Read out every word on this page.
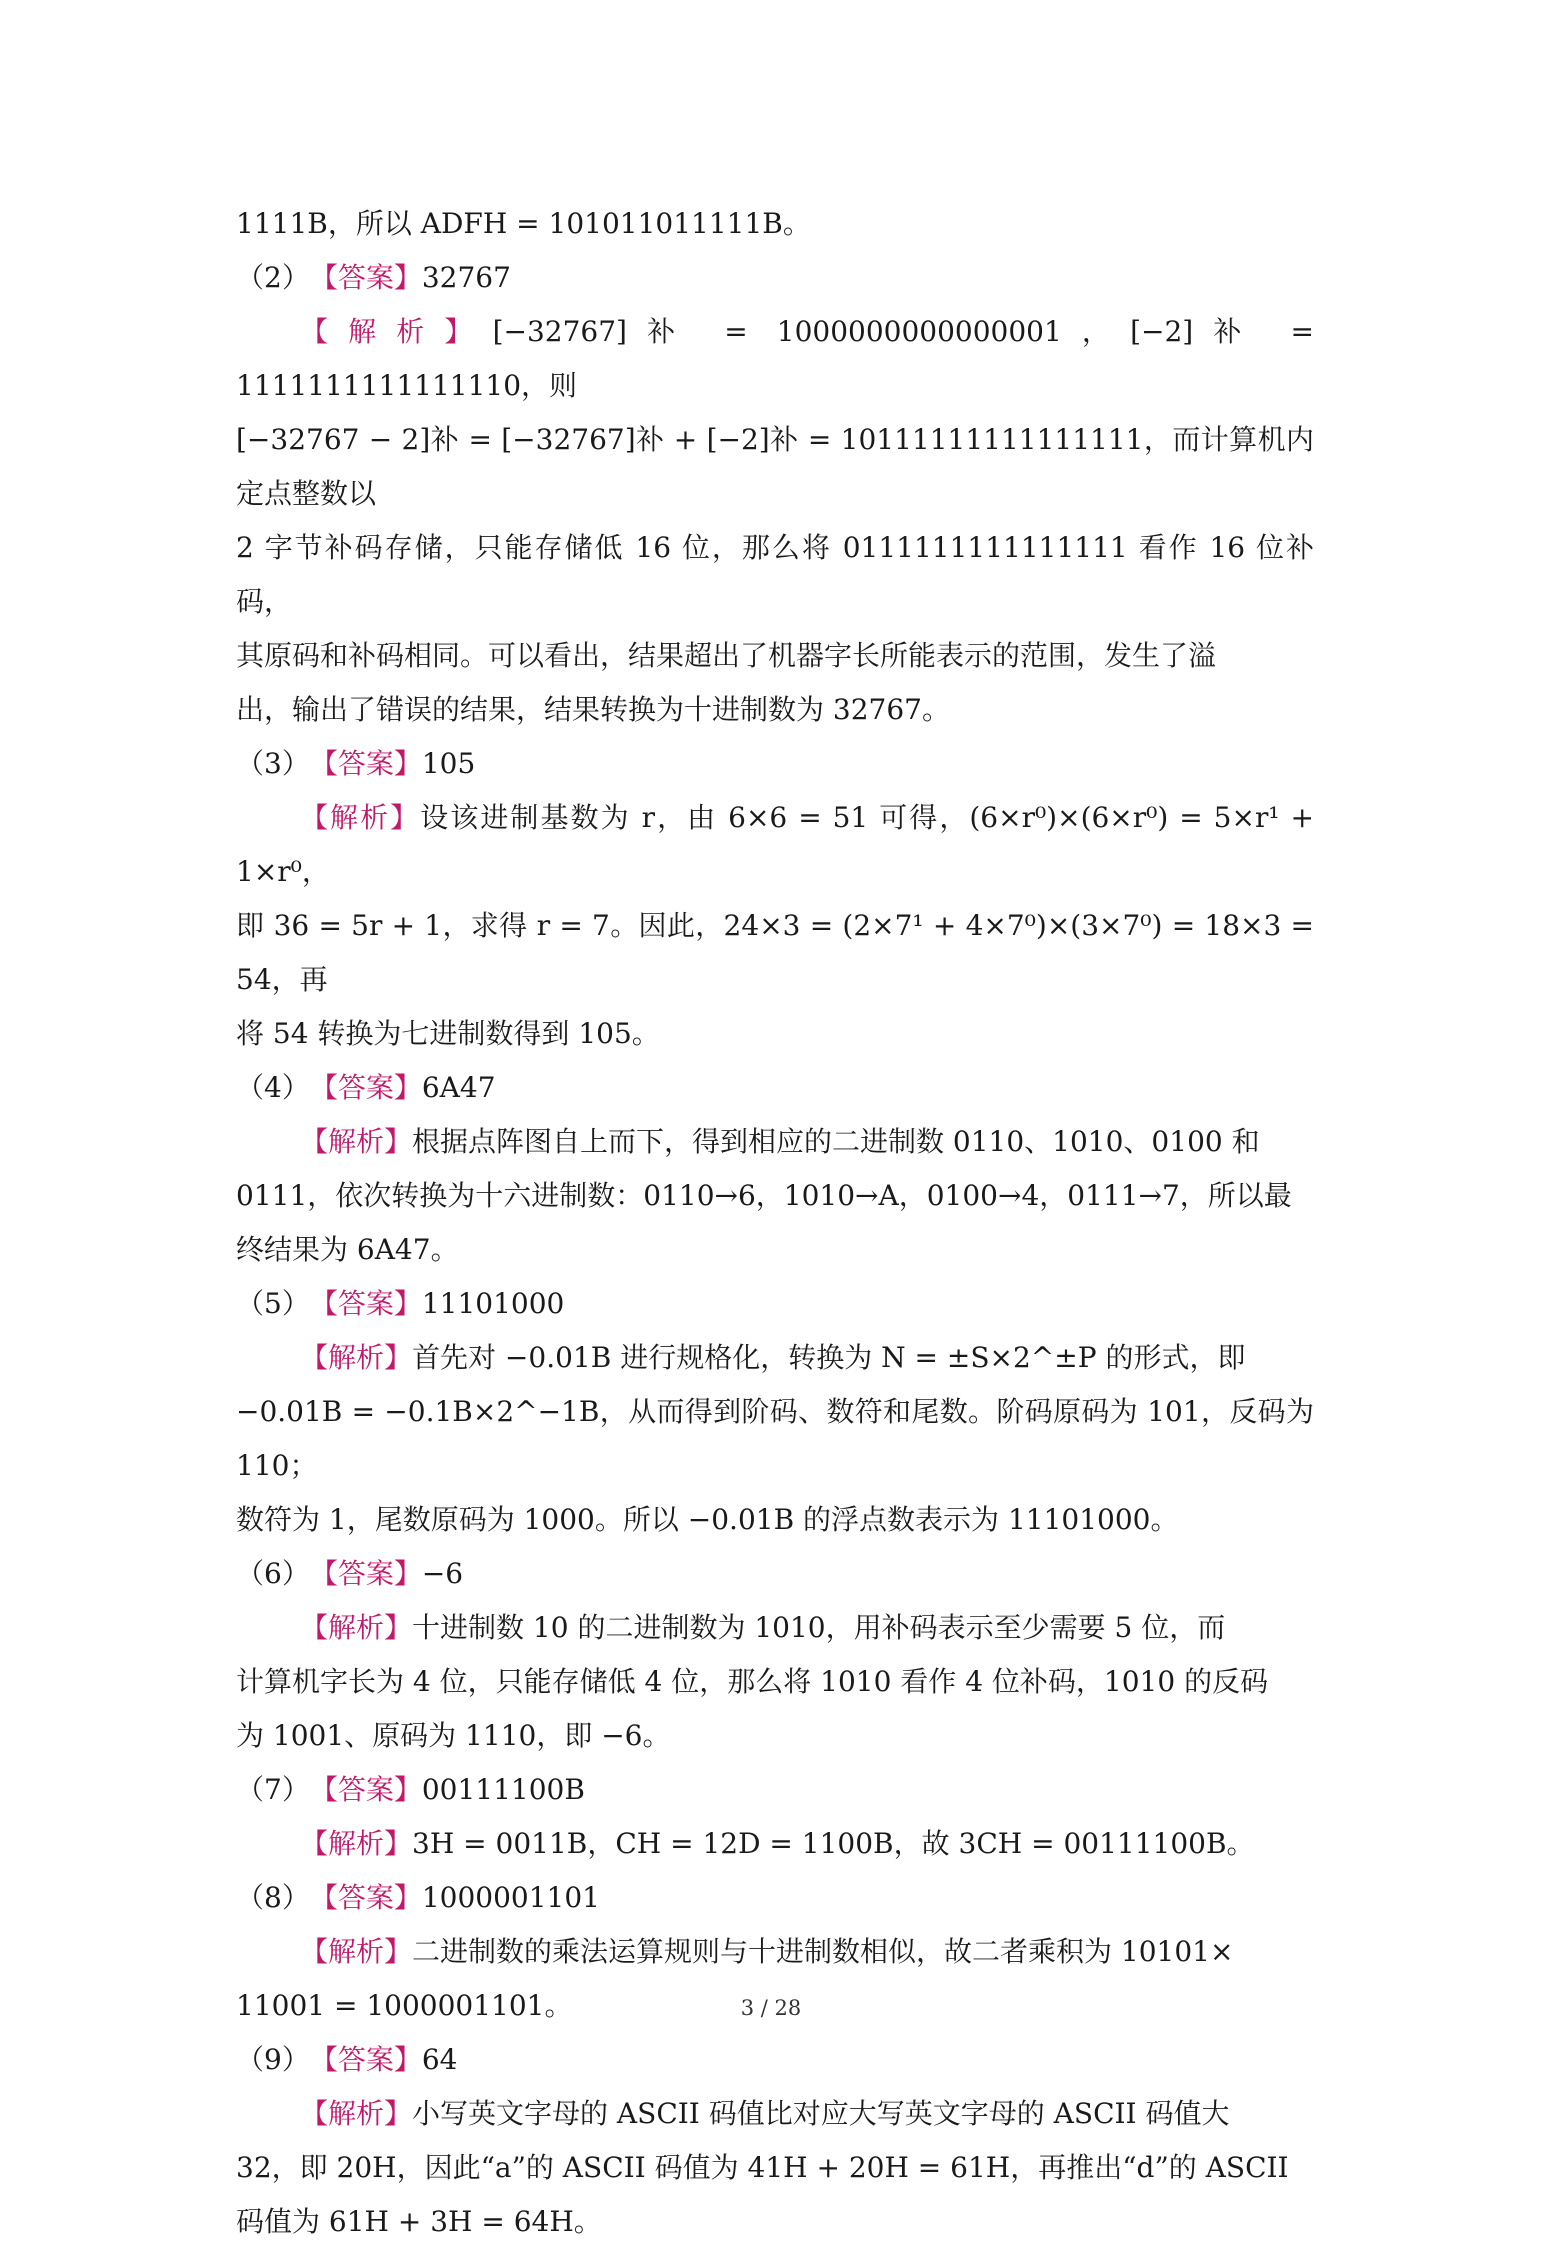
1111B，所以 ADFH = 101011011111B。

（2）【答案】32767

【解析】[−32767]补 = 1000000000000001，[−2]补 = 1111111111111110，则

[−32767 − 2]补 = [−32767]补 + [−2]补 = 10111111111111111，而计算机内定点整数以

2 字节补码存储，只能存储低 16 位，那么将 0111111111111111 看作 16 位补码，

其原码和补码相同。可以看出，结果超出了机器字长所能表示的范围，发生了溢

出，输出了错误的结果，结果转换为十进制数为 32767。

（3）【答案】105

【解析】设该进制基数为 r，由 6×6 = 51 可得，(6×r⁰)×(6×r⁰) = 5×r¹ + 1×r⁰，

即 36 = 5r + 1，求得 r = 7。因此，24×3 = (2×7¹ + 4×7⁰)×(3×7⁰) = 18×3 = 54，再

将 54 转换为七进制数得到 105。

（4）【答案】6A47

【解析】根据点阵图自上而下，得到相应的二进制数 0110、1010、0100 和

0111，依次转换为十六进制数：0110→6，1010→A，0100→4，0111→7，所以最

终结果为 6A47。

（5）【答案】11101000

【解析】首先对 −0.01B 进行规格化，转换为 N = ±S×2^±P 的形式，即

−0.01B = −0.1B×2^−1B，从而得到阶码、数符和尾数。阶码原码为 101，反码为 110；

数符为 1，尾数原码为 1000。所以 −0.01B 的浮点数表示为 11101000。

（6）【答案】−6

【解析】十进制数 10 的二进制数为 1010，用补码表示至少需要 5 位，而

计算机字长为 4 位，只能存储低 4 位，那么将 1010 看作 4 位补码，1010 的反码

为 1001、原码为 1110，即 −6。

（7）【答案】00111100B

【解析】3H = 0011B，CH = 12D = 1100B，故 3CH = 00111100B。

（8）【答案】1000001101

【解析】二进制数的乘法运算规则与十进制数相似，故二者乘积为 10101×

11001 = 1000001101。

（9）【答案】64

【解析】小写英文字母的 ASCII 码值比对应大写英文字母的 ASCII 码值大

32，即 20H，因此“a”的 ASCII 码值为 41H + 20H = 61H，再推出“d”的 ASCII

码值为 61H + 3H = 64H。

3 / 28
